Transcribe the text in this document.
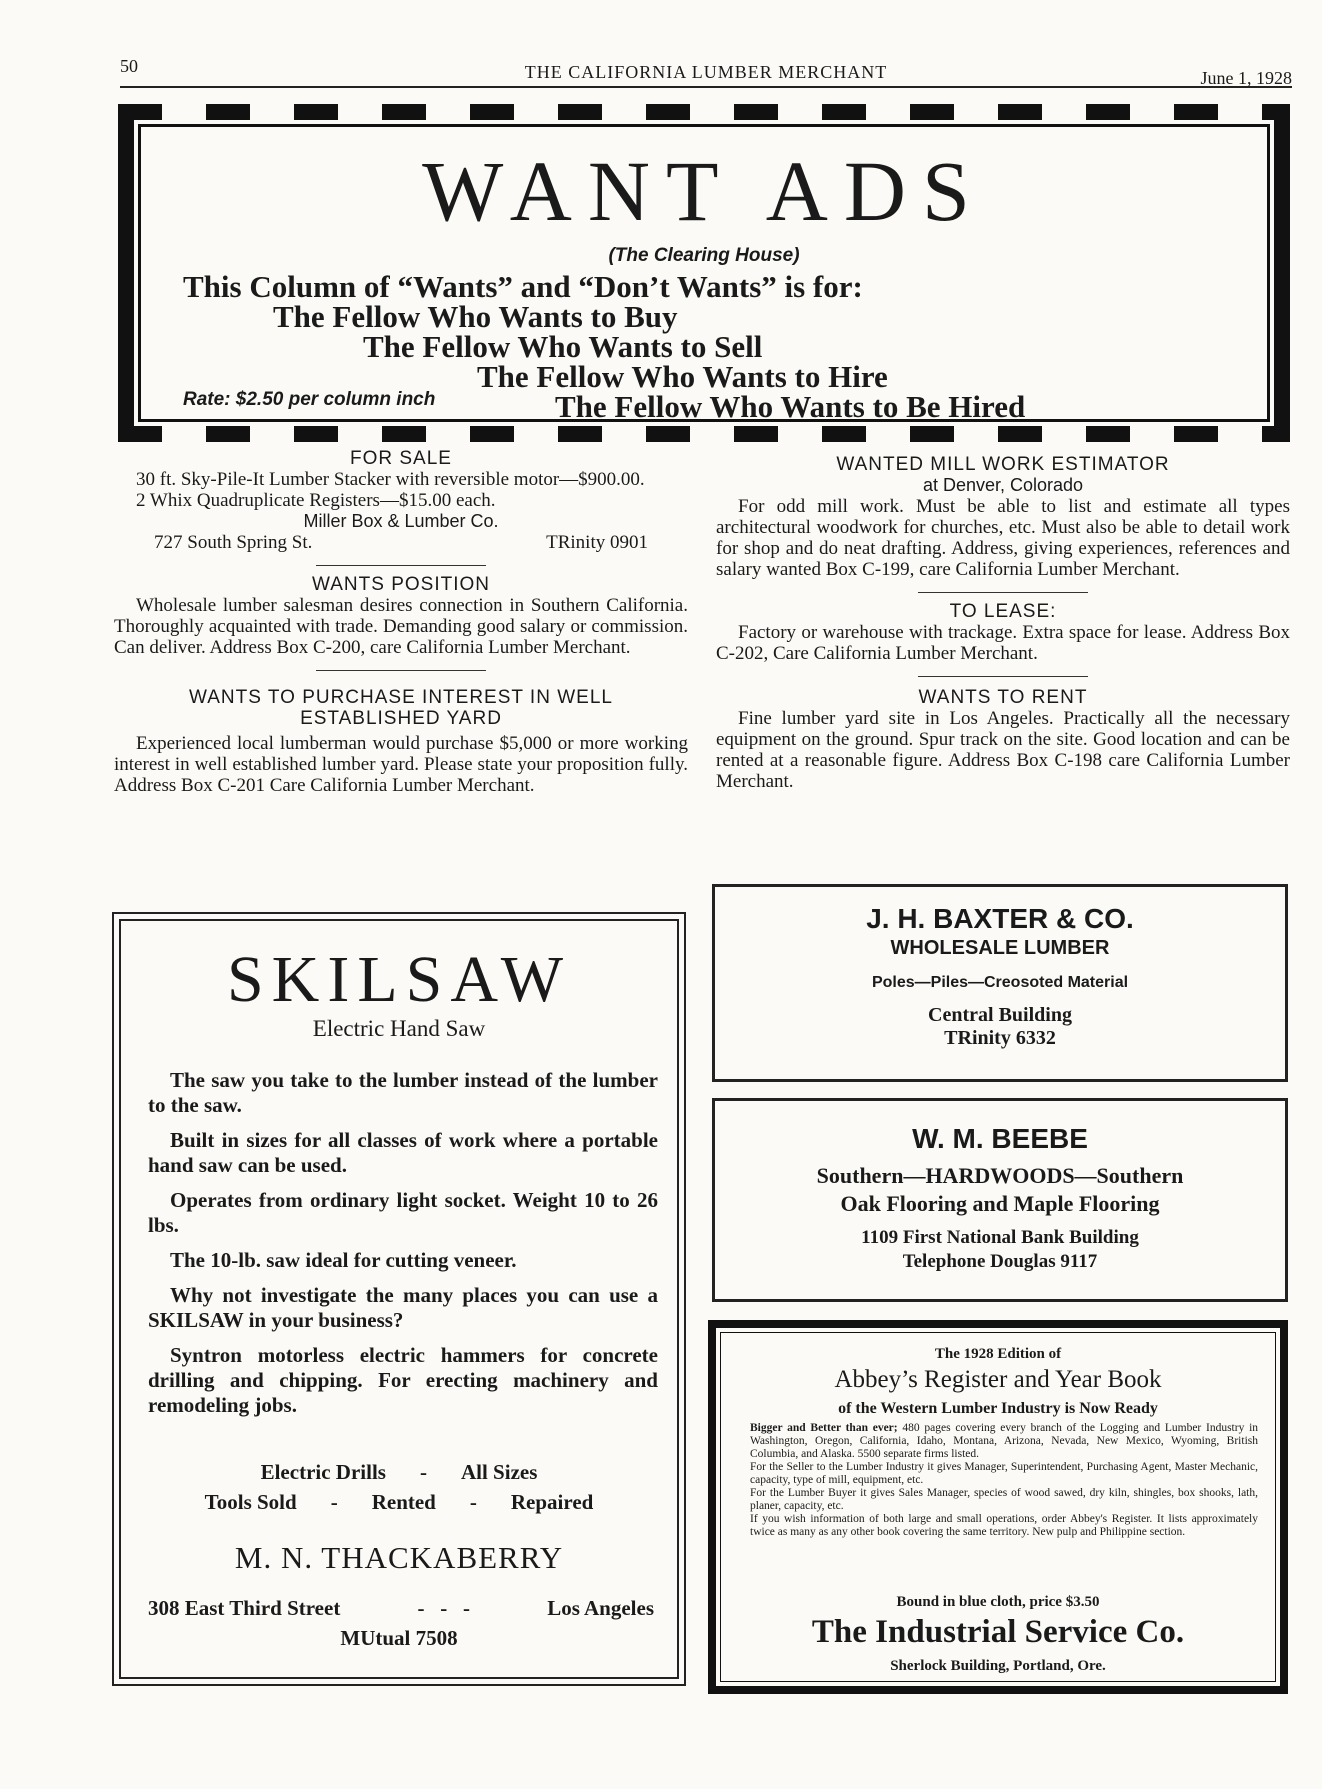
50	THE CALIFORNIA LUMBER MERCHANT	June 1, 1928
WANT ADS
(The Clearing House)
This Column of “Wants” and “Don’t Wants” is for:
The Fellow Who Wants to Buy
The Fellow Who Wants to Sell
The Fellow Who Wants to Hire
The Fellow Who Wants to Be Hired
Rate: $2.50 per column inch
FOR SALE

30 ft. Sky-Pile-It Lumber Stacker with reversible motor—$900.00.

2 Whix Quadruplicate Registers—$15.00 each.

Miller Box & Lumber Co.
727 South Spring St.	TRinity 0901
WANTS POSITION

Wholesale lumber salesman desires connection in Southern California. Thoroughly acquainted with trade. Demanding good salary or commission. Can deliver. Address Box C-200, care California Lumber Merchant.

WANTS TO PURCHASE INTEREST IN WELL ESTABLISHED YARD

Experienced local lumberman would purchase $5,000 or more working interest in well established lumber yard. Please state your proposition fully. Address Box C-201 Care California Lumber Merchant.

WANTED MILL WORK ESTIMATOR
at Denver, Colorado

For odd mill work. Must be able to list and estimate all types architectural woodwork for churches, etc. Must also be able to detail work for shop and do neat drafting. Address, giving experiences, references and salary wanted Box C-199, care California Lumber Merchant.

TO LEASE:

Factory or warehouse with trackage. Extra space for lease. Address Box C-202, Care California Lumber Merchant.

WANTS TO RENT

Fine lumber yard site in Los Angeles. Practically all the necessary equipment on the ground. Spur track on the site. Good location and can be rented at a reasonable figure. Address Box C-198 care California Lumber Merchant.

SKILSAW
Electric Hand Saw

The saw you take to the lumber instead of the lumber to the saw.

Built in sizes for all classes of work where a portable hand saw can be used.

Operates from ordinary light socket. Weight 10 to 26 lbs.

The 10-lb. saw ideal for cutting veneer.

Why not investigate the many places you can use a SKILSAW in your business?

Syntron motorless electric hammers for concrete drilling and chipping. For erecting machinery and remodeling jobs.

Electric Drills - All Sizes
Tools Sold - Rented - Repaired
M. N. THACKABERRY
308 East Third Street	-   -   -	Los Angeles
MUtual 7508
J. H. BAXTER & CO.
WHOLESALE LUMBER
Poles—Piles—Creosoted Material
Central Building
TRinity 6332
W. M. BEEBE
Southern—HARDWOODS—Southern
Oak Flooring and Maple Flooring
1109 First National Bank Building
Telephone Douglas 9117
The 1928 Edition of
Abbey’s Register and Year Book
of the Western Lumber Industry is Now Ready
Bigger and Better than ever; 480 pages covering every branch of the Logging and Lumber Industry in Washington, Oregon, California, Idaho, Montana, Arizona, Nevada, New Mexico, Wyoming, British Columbia, and Alaska. 5500 separate firms listed.
For the Seller to the Lumber Industry it gives Manager, Superintendent, Purchasing Agent, Master Mechanic, capacity, type of mill, equipment, etc.
For the Lumber Buyer it gives Sales Manager, species of wood sawed, dry kiln, shingles, box shooks, lath, planer, capacity, etc.
If you wish information of both large and small operations, order Abbey's Register. It lists approximately twice as many as any other book covering the same territory. New pulp and Philippine section.
Bound in blue cloth, price $3.50
The Industrial Service Co.
Sherlock Building, Portland, Ore.
